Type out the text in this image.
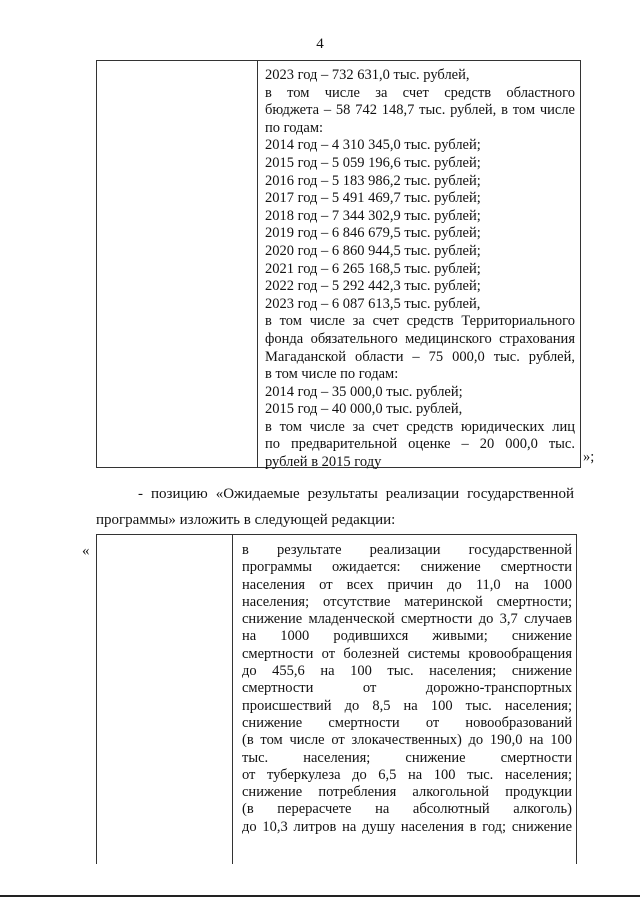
4
2023 год – 732 631,0 тыс. рублей,
в том числе за счет средств областного
бюджета – 58 742 148,7 тыс. рублей, в том числе
по годам:
2014 год – 4 310 345,0 тыс. рублей;
2015 год – 5 059 196,6 тыс. рублей;
2016 год – 5 183 986,2 тыс. рублей;
2017 год – 5 491 469,7 тыс. рублей;
2018 год – 7 344 302,9 тыс. рублей;
2019 год – 6 846 679,5 тыс. рублей;
2020 год – 6 860 944,5 тыс. рублей;
2021 год – 6 265 168,5 тыс. рублей;
2022 год – 5 292 442,3 тыс. рублей;
2023 год – 6 087 613,5 тыс. рублей,
в том числе за счет средств Территориального
фонда обязательного медицинского страхования
Магаданской области – 75 000,0 тыс. рублей,
в том числе по годам:
2014 год – 35 000,0 тыс. рублей;
2015 год – 40 000,0 тыс. рублей,
в том числе за счет средств юридических лиц
по предварительной оценке – 20 000,0 тыс.
рублей в 2015 году	»;
- позицию «Ожидаемые результаты реализации государственной
программы» изложить в следующей редакции:
«	в результате реализации государственной
программы ожидается: снижение смертности
населения от всех причин до 11,0 на 1000
населения; отсутствие материнской смертности;
снижение младенческой смертности до 3,7 случаев
на 1000 родившихся живыми; снижение
смертности от болезней системы кровообращения
до 455,6 на 100 тыс. населения; снижение
смертности от дорожно-транспортных
происшествий до 8,5 на 100 тыс. населения;
снижение смертности от новообразований
(в том числе от злокачественных) до 190,0 на 100
тыс. населения; снижение смертности
от туберкулеза до 6,5 на 100 тыс. населения;
снижение потребления алкогольной продукции
(в перерасчете на абсолютный алкоголь)
до 10,3 литров на душу населения в год; снижение
